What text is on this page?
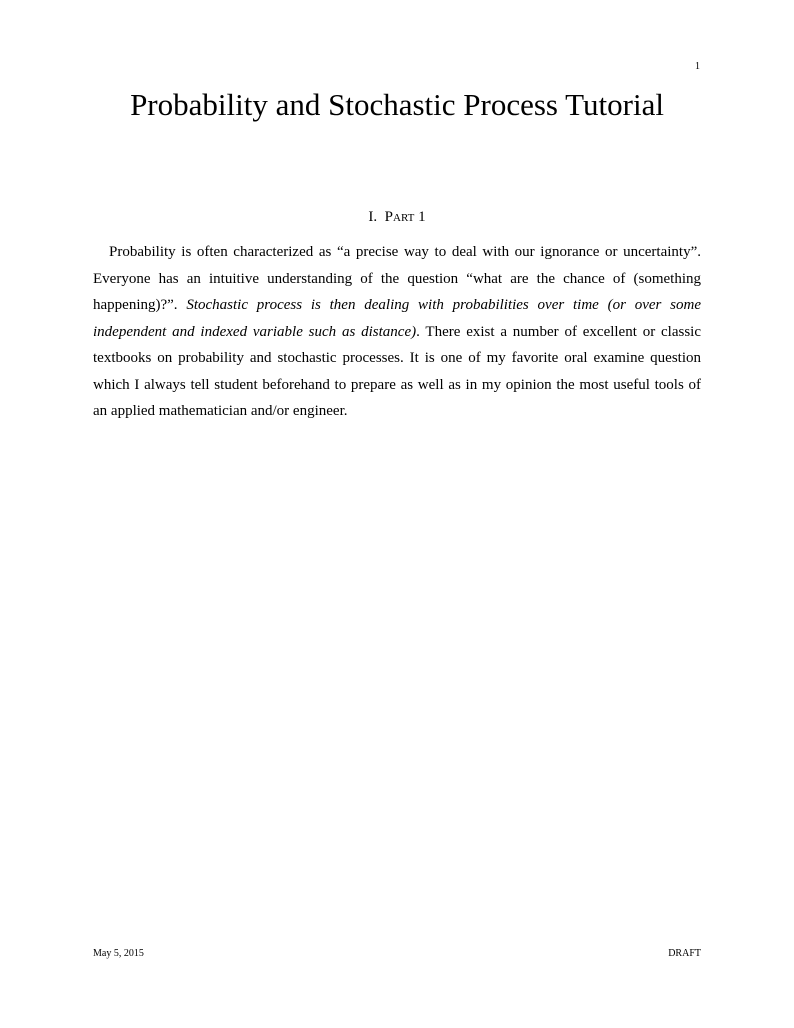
1
Probability and Stochastic Process Tutorial
I. Part 1

Probability is often characterized as “a precise way to deal with our ignorance or uncertainty”. Everyone has an intuitive understanding of the question “what are the chance of (something happening)?”. Stochastic process is then dealing with probabilities over time (or over some independent and indexed variable such as distance). There exist a number of excellent or classic textbooks on probability and stochastic processes. It is one of my favorite oral examine question which I always tell student beforehand to prepare as well as in my opinion the most useful tools of an applied mathematician and/or engineer.

May 5, 2015	DRAFT
